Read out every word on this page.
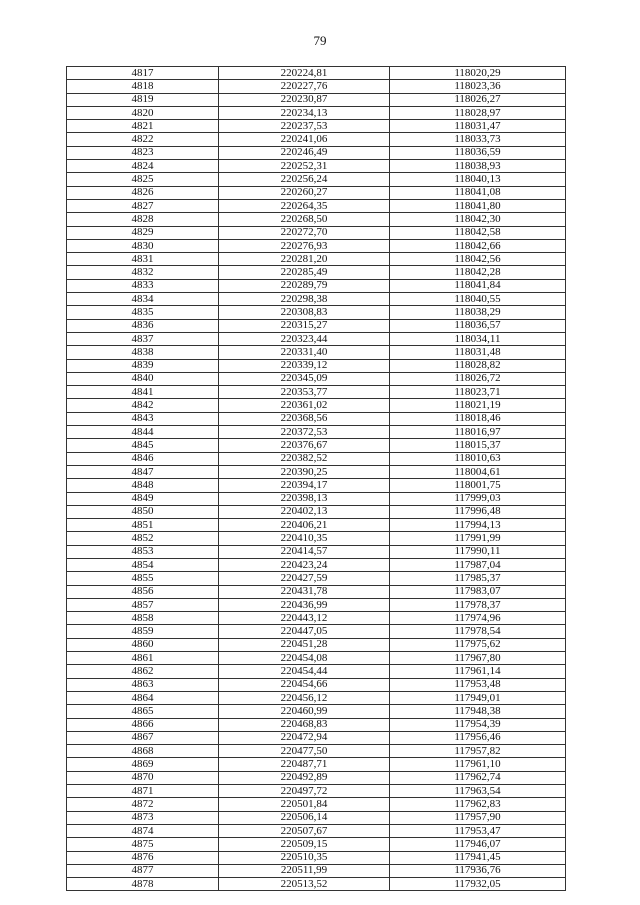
79
4817	220224,81	118020,29
4818	220227,76	118023,36
4819	220230,87	118026,27
4820	220234,13	118028,97
4821	220237,53	118031,47
4822	220241,06	118033,73
4823	220246,49	118036,59
4824	220252,31	118038,93
4825	220256,24	118040,13
4826	220260,27	118041,08
4827	220264,35	118041,80
4828	220268,50	118042,30
4829	220272,70	118042,58
4830	220276,93	118042,66
4831	220281,20	118042,56
4832	220285,49	118042,28
4833	220289,79	118041,84
4834	220298,38	118040,55
4835	220308,83	118038,29
4836	220315,27	118036,57
4837	220323,44	118034,11
4838	220331,40	118031,48
4839	220339,12	118028,82
4840	220345,09	118026,72
4841	220353,77	118023,71
4842	220361,02	118021,19
4843	220368,56	118018,46
4844	220372,53	118016,97
4845	220376,67	118015,37
4846	220382,52	118010,63
4847	220390,25	118004,61
4848	220394,17	118001,75
4849	220398,13	117999,03
4850	220402,13	117996,48
4851	220406,21	117994,13
4852	220410,35	117991,99
4853	220414,57	117990,11
4854	220423,24	117987,04
4855	220427,59	117985,37
4856	220431,78	117983,07
4857	220436,99	117978,37
4858	220443,12	117974,96
4859	220447,05	117978,54
4860	220451,28	117975,62
4861	220454,08	117967,80
4862	220454,44	117961,14
4863	220454,66	117953,48
4864	220456,12	117949,01
4865	220460,99	117948,38
4866	220468,83	117954,39
4867	220472,94	117956,46
4868	220477,50	117957,82
4869	220487,71	117961,10
4870	220492,89	117962,74
4871	220497,72	117963,54
4872	220501,84	117962,83
4873	220506,14	117957,90
4874	220507,67	117953,47
4875	220509,15	117946,07
4876	220510,35	117941,45
4877	220511,99	117936,76
4878	220513,52	117932,05
